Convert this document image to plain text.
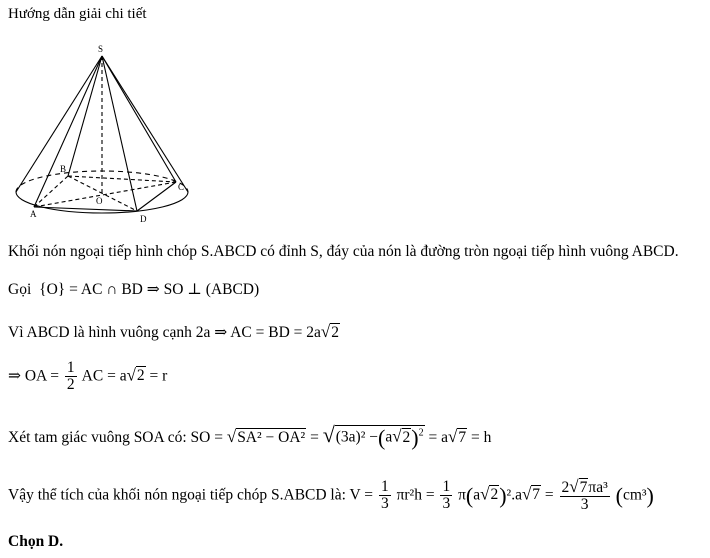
Hướng dẫn giải chi tiết
S
B
C
O
A	D
Khối nón ngoại tiếp hình chóp S.ABCD có đỉnh S, đáy của nón là đường tròn ngoại tiếp hình vuông ABCD.
Gọi {O} = AC ∩ BD ⇒ SO ⊥ (ABCD)
Vì ABCD là hình vuông cạnh 2a ⇒ AC = BD = 2a√2
⇒ OA = $\frac{1}{2}$ AC = a√2 = r
Xét tam giác vuông SOA có: SO = $√SA^2 - OA^2 = √(3a)^2 -(a√2)^2 = a√7 = h$
Vậy thể tích của khối nón ngoại tiếp chóp S.ABCD là: $V = \frac{1}{3} \pi r^2h = \frac{1}{3} \pi(a√2)^2.a√7 = \frac{\text{2√7πa³}}{3} (cm^3)$
Chọn D.
